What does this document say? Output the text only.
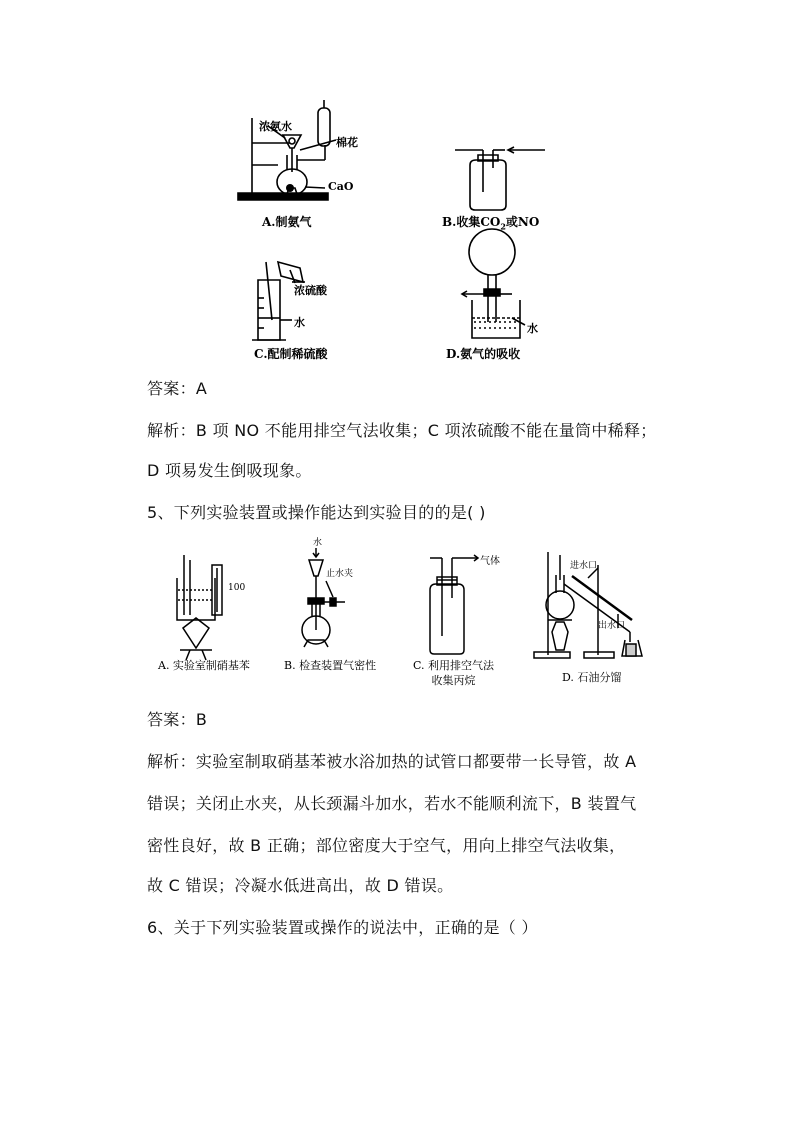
浓氨水
棉花
CaO
A.制氨气	B.收集$CO_2$或NO
浓硫酸
水
C.配制稀硫酸
水
D.氨气的吸收
答案：A
解析：B 项 NO 不能用排空气法收集；C 项浓硫酸不能在量筒中稀释；
D 项易发生倒吸现象。
5、下列实验装置或操作能达到实验目的的是( )
100
A. 实验室制硝基苯
水
止水夹
B. 检查装置气密性
气体
C. 利用排空气法
收集丙烷
进水口
出水口
D. 石油分馏
答案：B
解析：实验室制取硝基苯被水浴加热的试管口都要带一长导管，故 A
错误；关闭止水夹，从长颈漏斗加水，若水不能顺利流下，B 装置气
密性良好，故 B 正确；部位密度大于空气，用向上排空气法收集，
故 C 错误；冷凝水低进高出，故 D 错误。
6、关于下列实验装置或操作的说法中，正确的是（ ）
